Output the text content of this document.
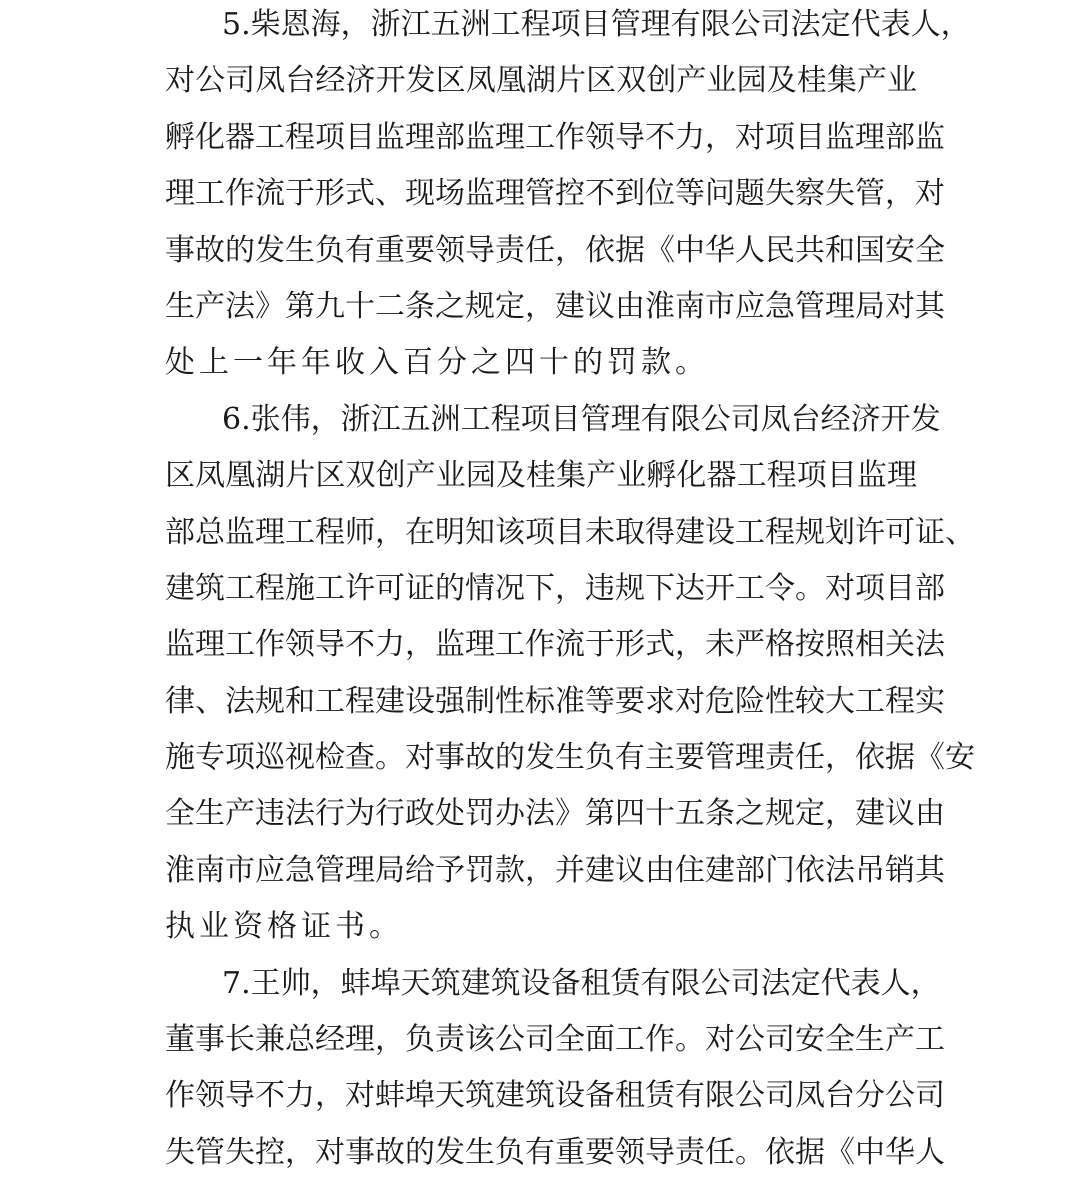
5.柴恩海，浙江五洲工程项目管理有限公司法定代表人，
对公司凤台经济开发区凤凰湖片区双创产业园及桂集产业
孵化器工程项目监理部监理工作领导不力，对项目监理部监
理工作流于形式、现场监理管控不到位等问题失察失管，对
事故的发生负有重要领导责任，依据《中华人民共和国安全
生产法》第九十二条之规定，建议由淮南市应急管理局对其
处上一年年收入百分之四十的罚款。
6.张伟，浙江五洲工程项目管理有限公司凤台经济开发
区凤凰湖片区双创产业园及桂集产业孵化器工程项目监理
部总监理工程师，在明知该项目未取得建设工程规划许可证、
建筑工程施工许可证的情况下，违规下达开工令。对项目部
监理工作领导不力，监理工作流于形式，未严格按照相关法
律、法规和工程建设强制性标准等要求对危险性较大工程实
施专项巡视检查。对事故的发生负有主要管理责任，依据《安
全生产违法行为行政处罚办法》第四十五条之规定，建议由
淮南市应急管理局给予罚款，并建议由住建部门依法吊销其
执业资格证书。
7.王帅，蚌埠天筑建筑设备租赁有限公司法定代表人，
董事长兼总经理，负责该公司全面工作。对公司安全生产工
作领导不力，对蚌埠天筑建筑设备租赁有限公司凤台分公司
失管失控，对事故的发生负有重要领导责任。依据《中华人
